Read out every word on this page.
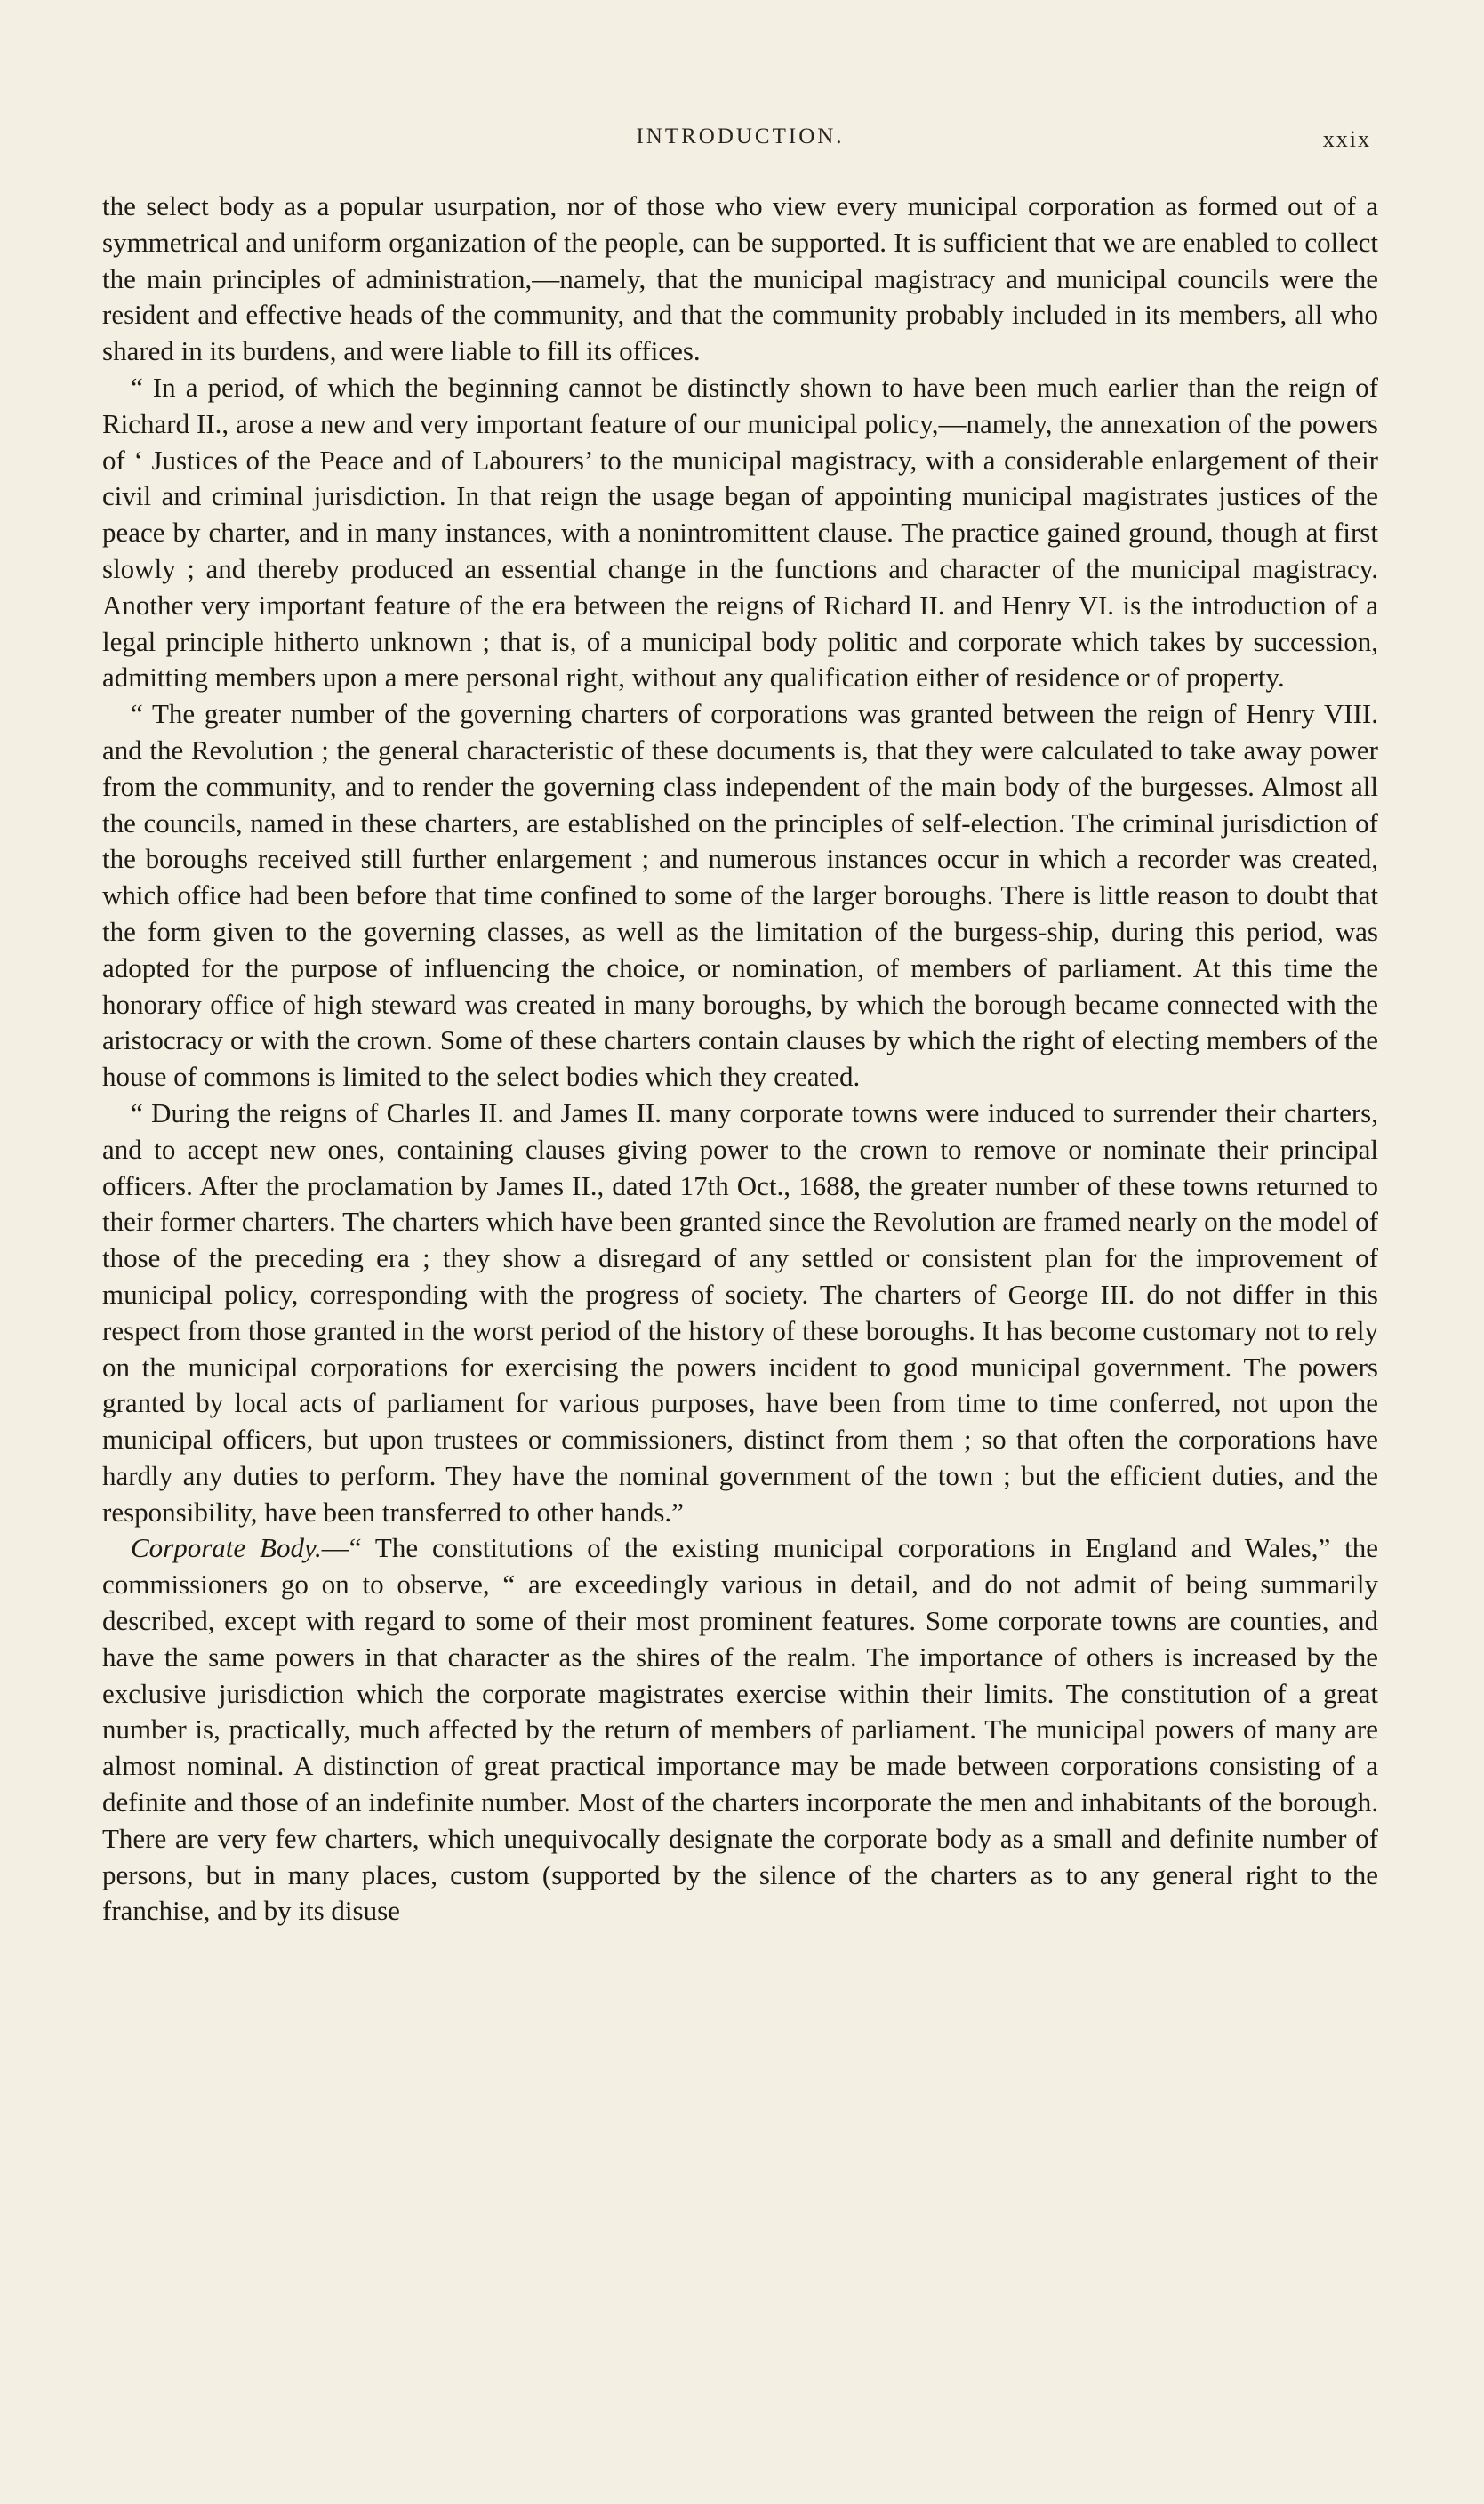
INTRODUCTION.	xxix

the select body as a popular usurpation, nor of those who view every municipal corporation as formed out of a symmetrical and uniform organization of the people, can be supported. It is sufficient that we are enabled to collect the main principles of administration,—namely, that the municipal magistracy and municipal councils were the resident and effective heads of the community, and that the community probably included in its members, all who shared in its burdens, and were liable to fill its offices.

“ In a period, of which the beginning cannot be distinctly shown to have been much earlier than the reign of Richard II., arose a new and very important feature of our municipal policy,—namely, the annexation of the powers of ‘ Justices of the Peace and of Labourers’ to the municipal magistracy, with a considerable enlargement of their civil and criminal jurisdiction. In that reign the usage began of appointing municipal magistrates justices of the peace by charter, and in many instances, with a nonintromittent clause. The practice gained ground, though at first slowly ; and thereby produced an essential change in the functions and character of the municipal magistracy. Another very important feature of the era between the reigns of Richard II. and Henry VI. is the introduction of a legal principle hitherto unknown ; that is, of a municipal body politic and corporate which takes by succession, admitting members upon a mere personal right, without any qualification either of residence or of property.

“ The greater number of the governing charters of corporations was granted between the reign of Henry VIII. and the Revolution ; the general characteristic of these documents is, that they were calculated to take away power from the community, and to render the governing class independent of the main body of the burgesses. Almost all the councils, named in these charters, are established on the principles of self-election. The criminal jurisdiction of the boroughs received still further enlargement ; and numerous instances occur in which a recorder was created, which office had been before that time confined to some of the larger boroughs. There is little reason to doubt that the form given to the governing classes, as well as the limitation of the burgess-ship, during this period, was adopted for the purpose of influencing the choice, or nomination, of members of parliament. At this time the honorary office of high steward was created in many boroughs, by which the borough became connected with the aristocracy or with the crown. Some of these charters contain clauses by which the right of electing members of the house of commons is limited to the select bodies which they created.

“ During the reigns of Charles II. and James II. many corporate towns were induced to surrender their charters, and to accept new ones, containing clauses giving power to the crown to remove or nominate their principal officers. After the proclamation by James II., dated 17th Oct., 1688, the greater number of these towns returned to their former charters. The charters which have been granted since the Revolution are framed nearly on the model of those of the preceding era ; they show a disregard of any settled or consistent plan for the improvement of municipal policy, corresponding with the progress of society. The charters of George III. do not differ in this respect from those granted in the worst period of the history of these boroughs. It has become customary not to rely on the municipal corporations for exercising the powers incident to good municipal government. The powers granted by local acts of parliament for various purposes, have been from time to time conferred, not upon the municipal officers, but upon trustees or commissioners, distinct from them ; so that often the corporations have hardly any duties to perform. They have the nominal government of the town ; but the efficient duties, and the responsibility, have been transferred to other hands.”

Corporate Body.—“ The constitutions of the existing municipal corporations in England and Wales,” the commissioners go on to observe, “ are exceedingly various in detail, and do not admit of being summarily described, except with regard to some of their most prominent features. Some corporate towns are counties, and have the same powers in that character as the shires of the realm. The importance of others is increased by the exclusive jurisdiction which the corporate magistrates exercise within their limits. The constitution of a great number is, practically, much affected by the return of members of parliament. The municipal powers of many are almost nominal. A distinction of great practical importance may be made between corporations consisting of a definite and those of an indefinite number. Most of the charters incorporate the men and inhabitants of the borough. There are very few charters, which unequivocally designate the corporate body as a small and definite number of persons, but in many places, custom (supported by the silence of the charters as to any general right to the franchise, and by its disuse
